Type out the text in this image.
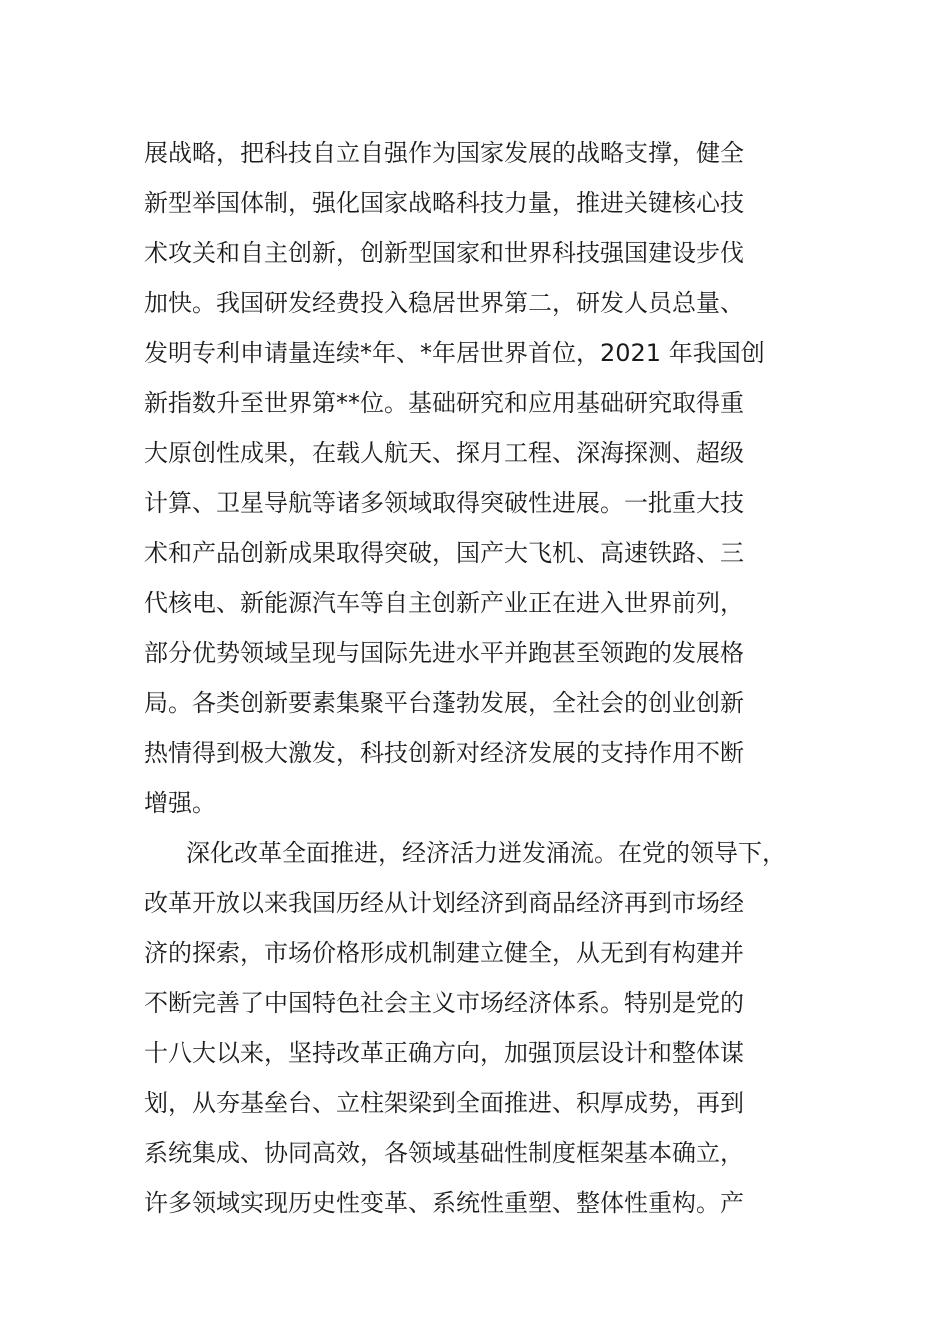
展战略，把科技自立自强作为国家发展的战略支撑，健全
新型举国体制，强化国家战略科技力量，推进关键核心技
术攻关和自主创新，创新型国家和世界科技强国建设步伐
加快。我国研发经费投入稳居世界第二，研发人员总量、
发明专利申请量连续*年、*年居世界首位，2021 年我国创
新指数升至世界第**位。基础研究和应用基础研究取得重
大原创性成果，在载人航天、探月工程、深海探测、超级
计算、卫星导航等诸多领域取得突破性进展。一批重大技
术和产品创新成果取得突破，国产大飞机、高速铁路、三
代核电、新能源汽车等自主创新产业正在进入世界前列，
部分优势领域呈现与国际先进水平并跑甚至领跑的发展格
局。各类创新要素集聚平台蓬勃发展，全社会的创业创新
热情得到极大激发，科技创新对经济发展的支持作用不断
增强。
深化改革全面推进，经济活力迸发涌流。在党的领导下，
改革开放以来我国历经从计划经济到商品经济再到市场经
济的探索，市场价格形成机制建立健全，从无到有构建并
不断完善了中国特色社会主义市场经济体系。特别是党的
十八大以来，坚持改革正确方向，加强顶层设计和整体谋
划，从夯基垒台、立柱架梁到全面推进、积厚成势，再到
系统集成、协同高效，各领域基础性制度框架基本确立，
许多领域实现历史性变革、系统性重塑、整体性重构。产
